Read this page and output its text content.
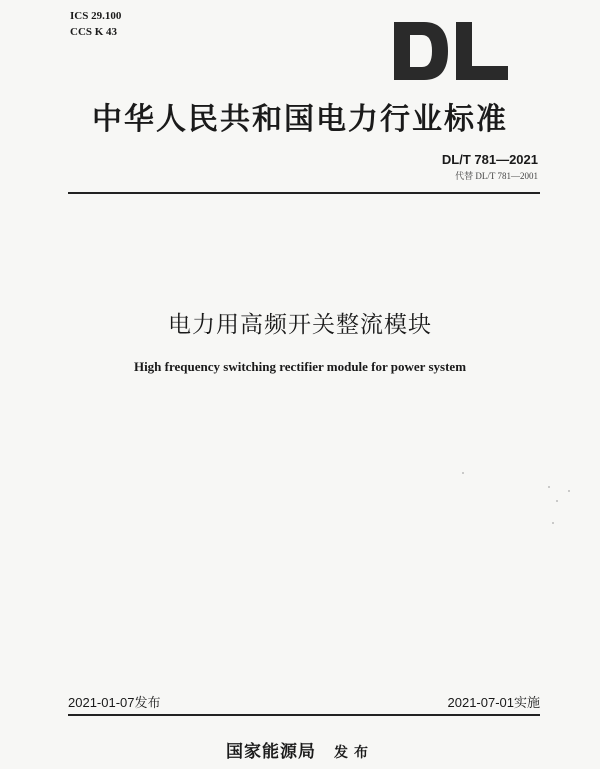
ICS 29.100
CCS K 43
中华人民共和国电力行业标准
DL/T 781—2021
代替 DL/T 781—2001
电力用高频开关整流模块
High frequency switching rectifier module for power system
2021-01-07发布	2021-07-01实施
国家能源局 发布
